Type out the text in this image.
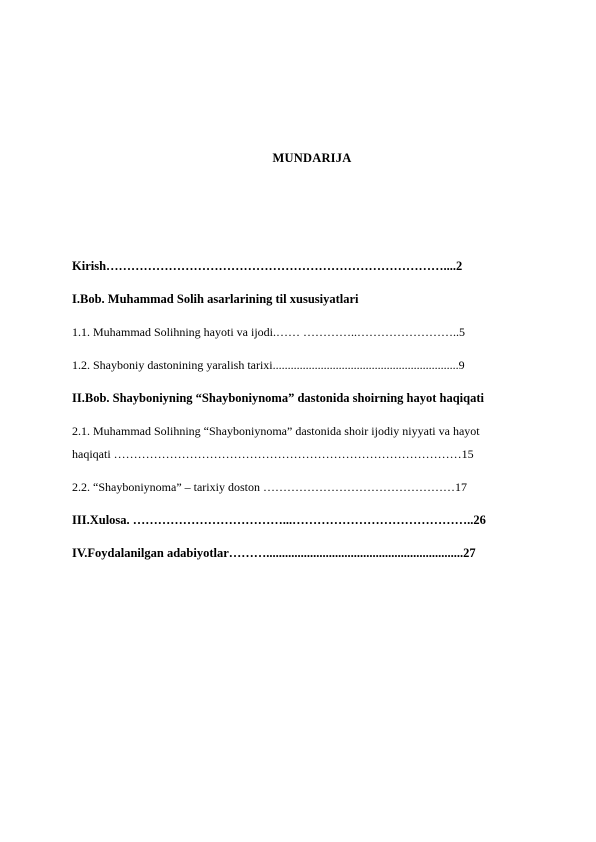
MUNDARIJA
Kirish………………………………………………………………………....2
I.Bob. Muhammad Solih asarlarining til xususiyatlari
1.1. Muhammad Solihning hayoti va ijodi.…… …………..……………………..5
1.2. Shayboniy dastonining yaralish tarixi..............................................................9
II.Bob. Shayboniyning “Shayboniynoma” dastonida shoirning hayot haqiqati
2.1. Muhammad Solihning “Shayboniynoma” dastonida shoir ijodiy niyyati va hayot
haqiqati ……………………………………………………………………………15
2.2. “Shayboniynoma” – tarixiy doston …………………………………………17
III.Xulosa. ………………………………...……………………………………..26
IV.Foydalanilgan adabiyotlar………...............................................................27
